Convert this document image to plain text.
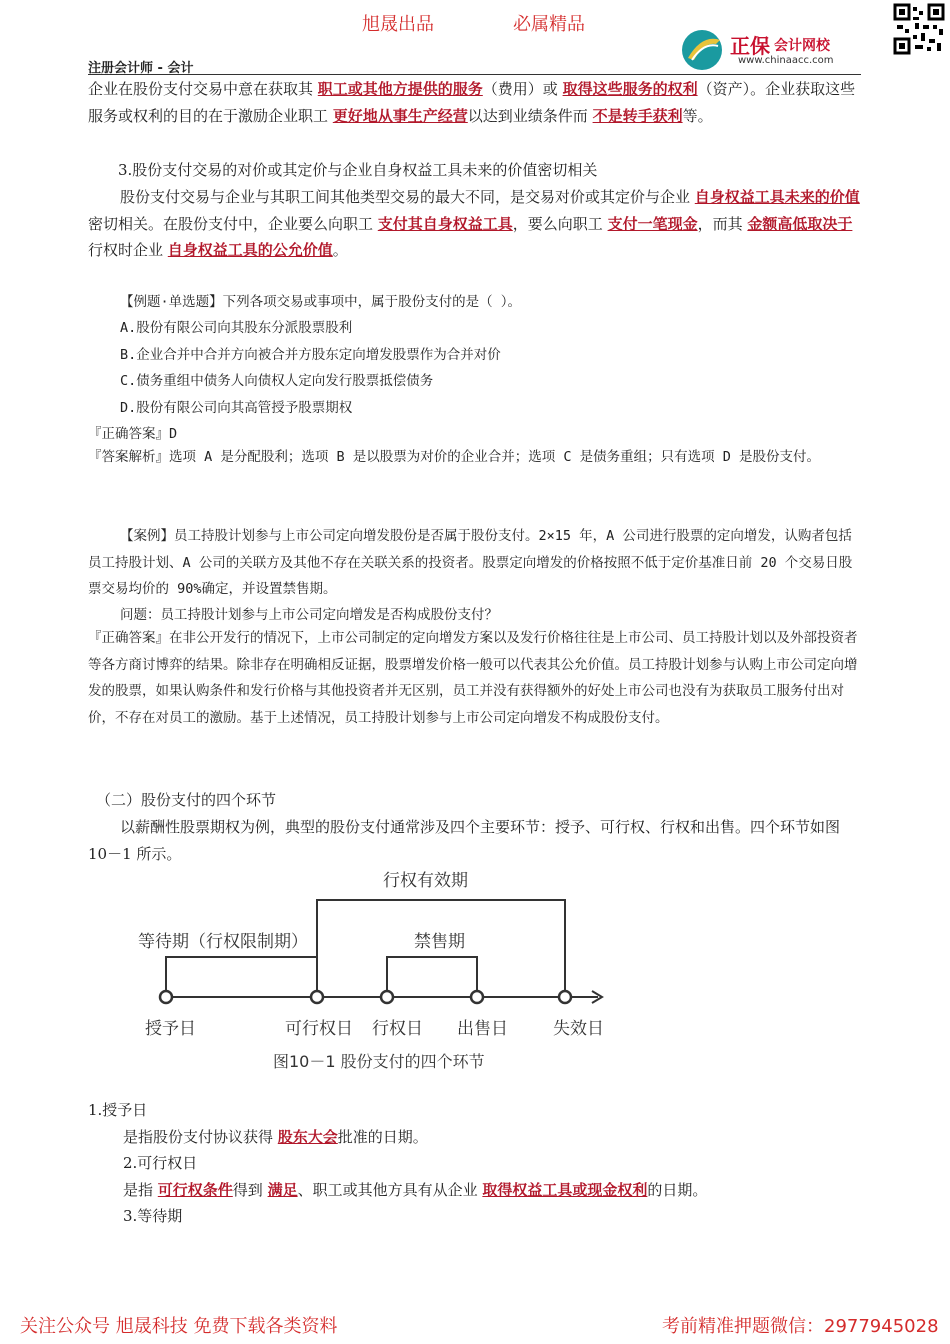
旭晟出品	必属精品
注册会计师 - 会计
正保 会计网校
www.chinaacc.com
企业在股份支付交易中意在获取其 职工或其他方提供的服务（费用）或 取得这些服务的权利（资产）。企业获取这些服务或权利的目的在于激励企业职工 更好地从事生产经营以达到业绩条件而 不是转手获利等。
3.股份支付交易的对价或其定价与企业自身权益工具未来的价值密切相关
股份支付交易与企业与其职工间其他类型交易的最大不同，是交易对价或其定价与企业 自身权益工具未来的价值密切相关。在股份支付中，企业要么向职工 支付其自身权益工具，要么向职工 支付一笔现金，而其 金额高低取决于行权时企业 自身权益工具的公允价值。
【例题·单选题】下列各项交易或事项中，属于股份支付的是（ ）。
A.股份有限公司向其股东分派股票股利
B.企业合并中合并方向被合并方股东定向增发股票作为合并对价
C.债务重组中债务人向债权人定向发行股票抵偿债务
D.股份有限公司向其高管授予股票期权
『正确答案』D
『答案解析』选项 A 是分配股利；选项 B 是以股票为对价的企业合并；选项 C 是债务重组；只有选项 D 是股份支付。
【案例】员工持股计划参与上市公司定向增发股份是否属于股份支付。2×15 年，A 公司进行股票的定向增发，认购者包括员工持股计划、A 公司的关联方及其他不存在关联关系的投资者。股票定向增发的价格按照不低于定价基准日前 20 个交易日股票交易均价的 90%确定，并设置禁售期。
问题：员工持股计划参与上市公司定向增发是否构成股份支付？
『正确答案』在非公开发行的情况下，上市公司制定的定向增发方案以及发行价格往往是上市公司、员工持股计划以及外部投资者等各方商讨博弈的结果。除非存在明确相反证据，股票增发价格一般可以代表其公允价值。员工持股计划参与认购上市公司定向增发的股票，如果认购条件和发行价格与其他投资者并无区别，员工并没有获得额外的好处上市公司也没有为获取员工服务付出对价，不存在对员工的激励。基于上述情况，员工持股计划参与上市公司定向增发不构成股份支付。
（二）股份支付的四个环节
以薪酬性股票期权为例，典型的股份支付通常涉及四个主要环节：授予、可行权、行权和出售。四个环节如图 10－1 所示。
行权有效期
等待期（行权限制期）	禁售期
授予日	可行权日 行权日 出售日	失效日
图10－1 股份支付的四个环节
1.授予日
是指股份支付协议获得 股东大会批准的日期。
2.可行权日
是指 可行权条件得到 满足、职工或其他方具有从企业 取得权益工具或现金权利的日期。
3.等待期
关注公众号 旭晟科技 免费下载各类资料	考前精准押题微信：2977945028
